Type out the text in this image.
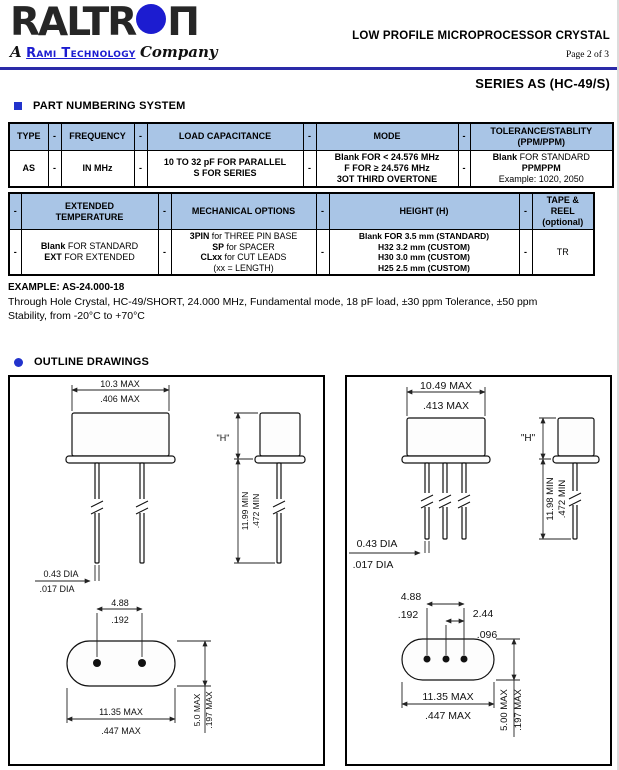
RALTR Π
A Rami Technology Company
LOW PROFILE MICROPROCESSOR CRYSTAL
Page 2 of 3
SERIES AS (HC-49/S)
PART NUMBERING SYSTEM
TYPE	-	FREQUENCY	-	LOAD CAPACITANCE	-	MODE	-	TOLERANCE/STABLITY
(PPM/PPM)

AS	-	IN MHz	-	
10 TO 32 pF FOR PARALLEL
S FOR SERIES
	-	
Blank FOR < 24.576 MHz
F FOR ≥ 24.576 MHz
3OT THIRD OVERTONE
	-	
Blank FOR STANDARD
PPMPPM
Example: 1020, 2050
-	
EXTENDED
TEMPERATURE
	-	MECHANICAL OPTIONS	-	HEIGHT (H)	-	
TAPE &
REEL
(optional)

-	
Blank FOR STANDARD
EXT FOR EXTENDED
	-	
3PIN for THREE PIN BASE
SP for SPACER
CLxx for CUT LEADS
(xx = LENGTH)
	-	
Blank FOR 3.5 mm (STANDARD)
H32 3.2 mm (CUSTOM)
H30 3.0 mm (CUSTOM)
H25 2.5 mm (CUSTOM)
	-	TR
EXAMPLE: AS-24.000-18
Through Hole Crystal, HC-49/SHORT, 24.000 MHz, Fundamental mode, 18 pF load, ±30 ppm Tolerance, ±50 ppm Stability, from -20°C to +70°C
OUTLINE DRAWINGS
10.3 MAX
.406 MAX
0.43 DIA
.017 DIA
"H"
11.99 MIN .472 MIN
4.88
.192
11.35 MAX
.447 MAX
5.0 MAX .197 MAX
10.49 MAX
.413 MAX
0.43 DIA
.017 DIA
"H"
11.98 MIN .472 MIN
4.88
.192	2.44
.096
11.35 MAX
.447 MAX	5.00 MAX .197 MAX
